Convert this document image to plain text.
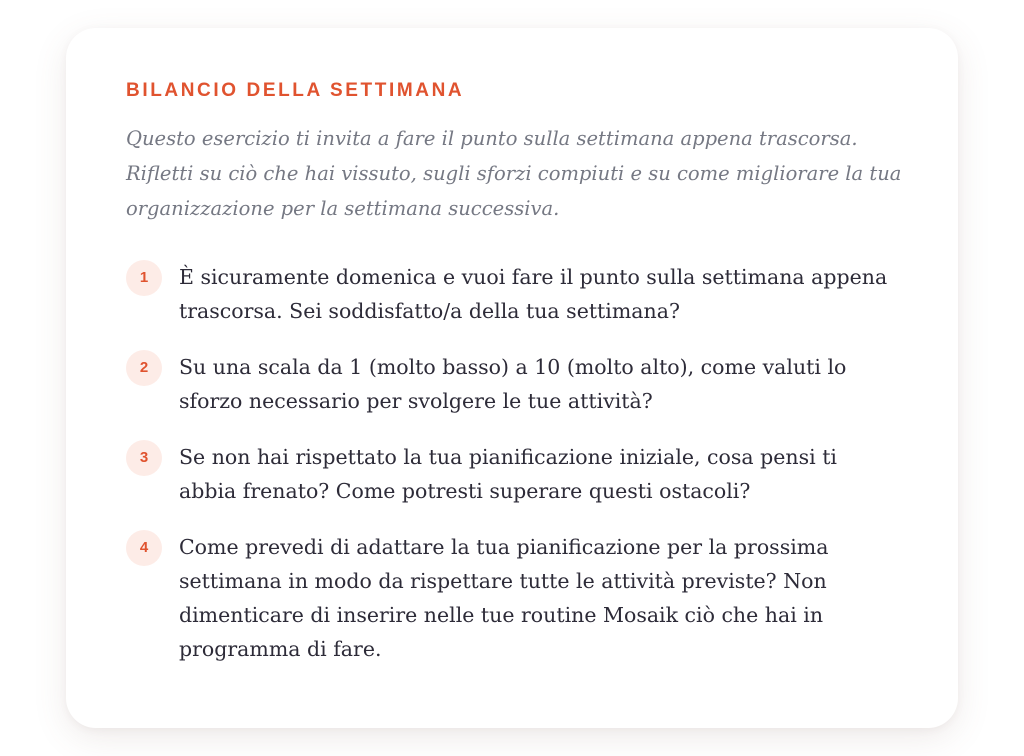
BILANCIO DELLA SETTIMANA

Questo esercizio ti invita a fare il punto sulla settimana appena trascorsa. Rifletti su ciò che hai vissuto, sugli sforzi compiuti e su come migliorare la tua organizzazione per la settimana successiva.

1	È sicuramente domenica e vuoi fare il punto sulla settimana appena trascorsa. Sei soddisfatto/a della tua settimana?
2	Su una scala da 1 (molto basso) a 10 (molto alto), come valuti lo sforzo necessario per svolgere le tue attività?
3	Se non hai rispettato la tua pianificazione iniziale, cosa pensi ti abbia frenato? Come potresti superare questi ostacoli?
4	Come prevedi di adattare la tua pianificazione per la prossima settimana in modo da rispettare tutte le attività previste? Non dimenticare di inserire nelle tue routine Mosaik ciò che hai in programma di fare.
